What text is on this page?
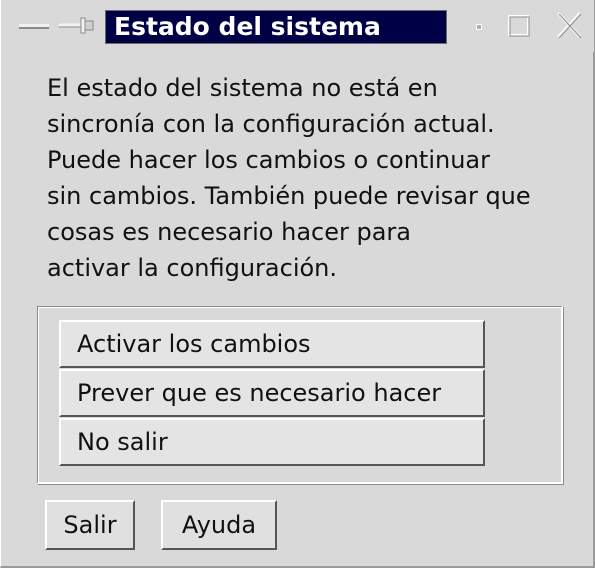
Estado del sistema
El estado del sistema no está en
sincronía con la configuración actual.
Puede hacer los cambios o continuar
sin cambios. También puede revisar que
cosas es necesario hacer para
activar la configuración.
Activar los cambios
Prever que es necesario hacer
No salir
Salir	Ayuda
